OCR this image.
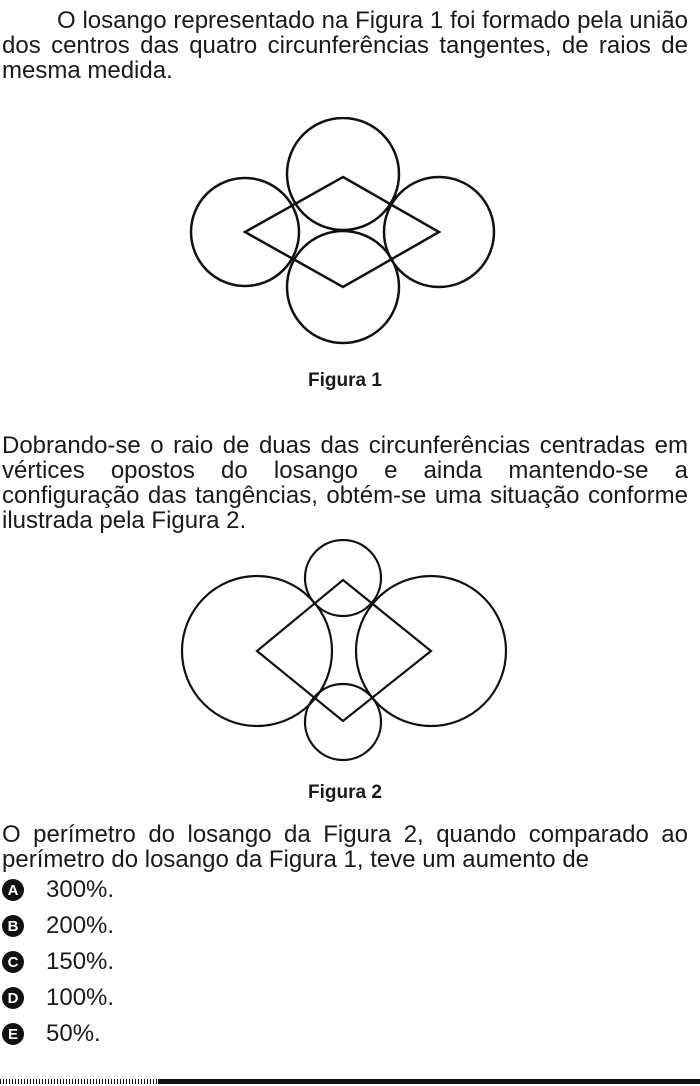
O losango representado na Figura 1 foi formado pela união dos centros das quatro circunferências tangentes, de raios de mesma medida.

Figura 1

Dobrando-se o raio de duas das circunferências centradas em vértices opostos do losango e ainda mantendo-se a configuração das tangências, obtém-se uma situação conforme ilustrada pela Figura 2.

Figura 2

O perímetro do losango da Figura 2, quando comparado ao perímetro do losango da Figura 1, teve um aumento de

A 300%.
B 200%.
C 150%.
D 100%.
E 50%.
